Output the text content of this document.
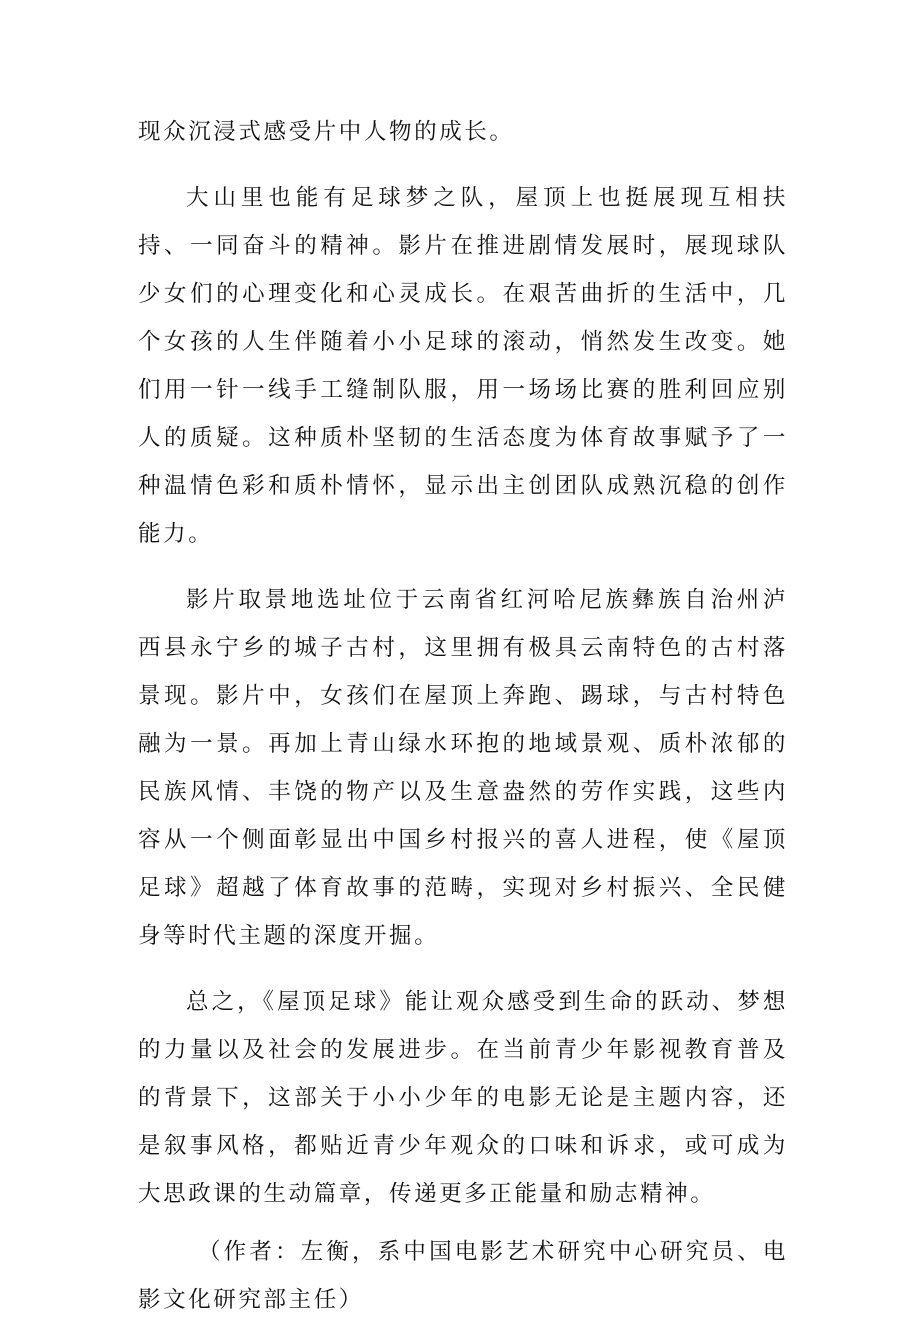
现众沉浸式感受片中人物的成长。

大山里也能有足球梦之队，屋顶上也挺展现互相扶持、一同奋斗的精神。影片在推进剧情发展时，展现球队少女们的心理变化和心灵成长。在艰苦曲折的生活中，几个女孩的人生伴随着小小足球的滚动，悄然发生改变。她们用一针一线手工缝制队服，用一场场比赛的胜利回应别人的质疑。这种质朴坚韧的生活态度为体育故事赋予了一种温情色彩和质朴情怀，显示出主创团队成熟沉稳的创作能力。

影片取景地选址位于云南省红河哈尼族彝族自治州泸西县永宁乡的城子古村，这里拥有极具云南特色的古村落景现。影片中，女孩们在屋顶上奔跑、踢球，与古村特色融为一景。再加上青山绿水环抱的地域景观、质朴浓郁的民族风情、丰饶的物产以及生意盎然的劳作实践，这些内容从一个侧面彰显出中国乡村报兴的喜人进程，使《屋顶足球》超越了体育故事的范畴，实现对乡村振兴、全民健身等时代主题的深度开掘。

总之，《屋顶足球》能让观众感受到生命的跃动、梦想的力量以及社会的发展进步。在当前青少年影视教育普及的背景下，这部关于小小少年的电影无论是主题内容，还是叙事风格，都贴近青少年观众的口味和诉求，或可成为大思政课的生动篇章，传递更多正能量和励志精神。

（作者：左衡，系中国电影艺术研究中心研究员、电影文化研究部主任）
